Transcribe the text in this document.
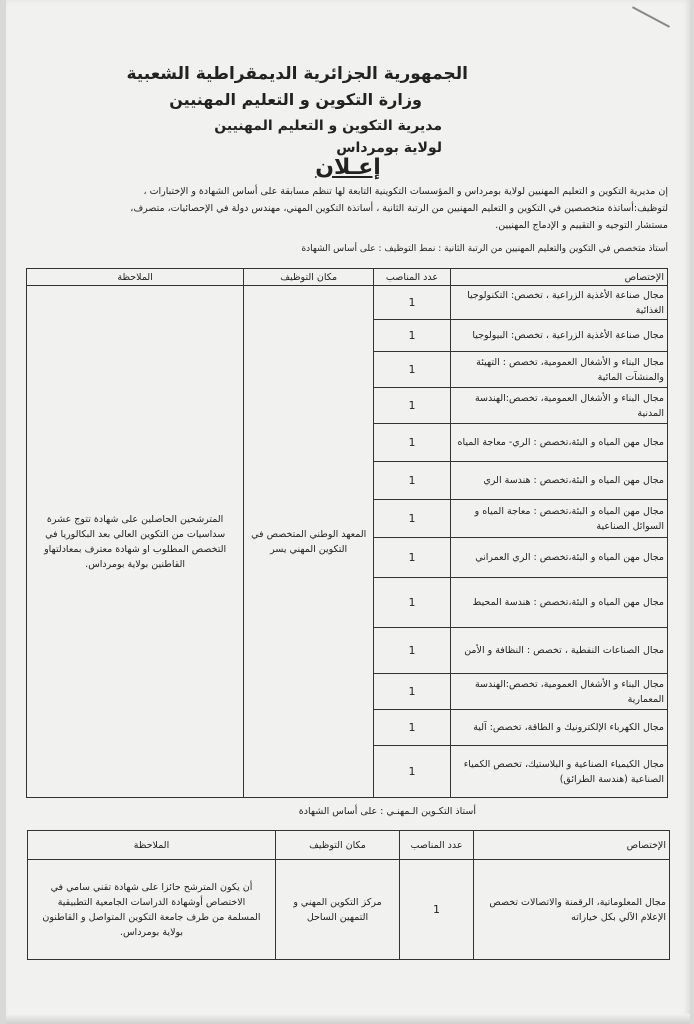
الجمهورية الجزائرية الديمقراطية الشعبية
وزارة التكوين و التعليم المهنيين
مديرية التكوين و التعليم المهنيين
لولاية بومرداس
إعـلان
إن مديرية التكوين و التعليم المهنيين لولاية بومرداس و المؤسسات التكوينية التابعة لها تنظم مسابقة على أساس الشهادة و الإختبارات ،
لتوظيف:أساتذة متخصصين في التكوين و التعليم المهنيين من الرتبة الثانية ، أساتذة التكوين المهني، مهندس دولة في الإحصائيات، متصرف،
مستشار التوجيه و التقييم و الإدماج المهنيين.
أستاذ متخصص في التكوين والتعليم المهنيين من الرتبة الثانية : نمط التوظيف : على أساس الشهادة
الإختصاص	عدد المناصب	مكان التوظيف	الملاحظة
مجال صناعة الأغذية الزراعية ، تخصص: التكنولوجيا الغذائية	1	المعهد الوطني المتخصص في التكوين المهني يسر	المترشحين الحاصلين على شهادة تتوج عشرة سداسيات من التكوين العالي بعد البكالوريا في التخصص المطلوب او شهادة معترف بمعادلتهاو القاطنين بولاية بومرداس.
مجال صناعة الأغذية الزراعية ، تخصص: البيولوجيا	1		
مجال البناء و الأشغال العمومية، تخصص : التهيئة والمنشآت المائية	1		
مجال البناء و الأشغال العمومية، تخصص:الهندسة المدنية	1		
مجال مهن المياه و البئة،تخصص : الري- معاجة المياه	1		
مجال مهن المياه و البئة،تخصص : هندسة الري	1		
مجال مهن المياه و البئة،تخصص : معاجة المياه و السوائل الصناعية	1		
مجال مهن المياه و البئة،تخصص : الري العمراني	1		
مجال مهن المياه و البئة،تخصص : هندسة المحيط	1		
مجال الصناعات النفطية ، تخصص : النظافة و الأمن	1		
مجال البناء و الأشغال العمومية، تخصص:الهندسة المعمارية	1		
مجال الكهرباء الإلكترونيك و الطاقة، تخصص: آلية	1		
مجال الكيمياء الصناعية و البلاستيك، تخصص الكمياء الصناعية (هندسة الطرائق)	1		
أستاذ التكـوين الـمهنـي : على أساس الشهادة
الإختصاص	عدد المناصب	مكان التوظيف	الملاحظة
مجال المعلوماتية، الرقمنة والاتصالات تخصص الإعلام الآلي بكل خياراته	1	مركز التكوين المهني و التمهين الساحل	أن يكون المترشح حائزا على شهادة تقني سامي في الاختصاص أوشهادة الدراسات الجامعية التطبيقية المسلمة من طرف جامعة التكوين المتواصل و القاطنون بولاية بومرداس.
